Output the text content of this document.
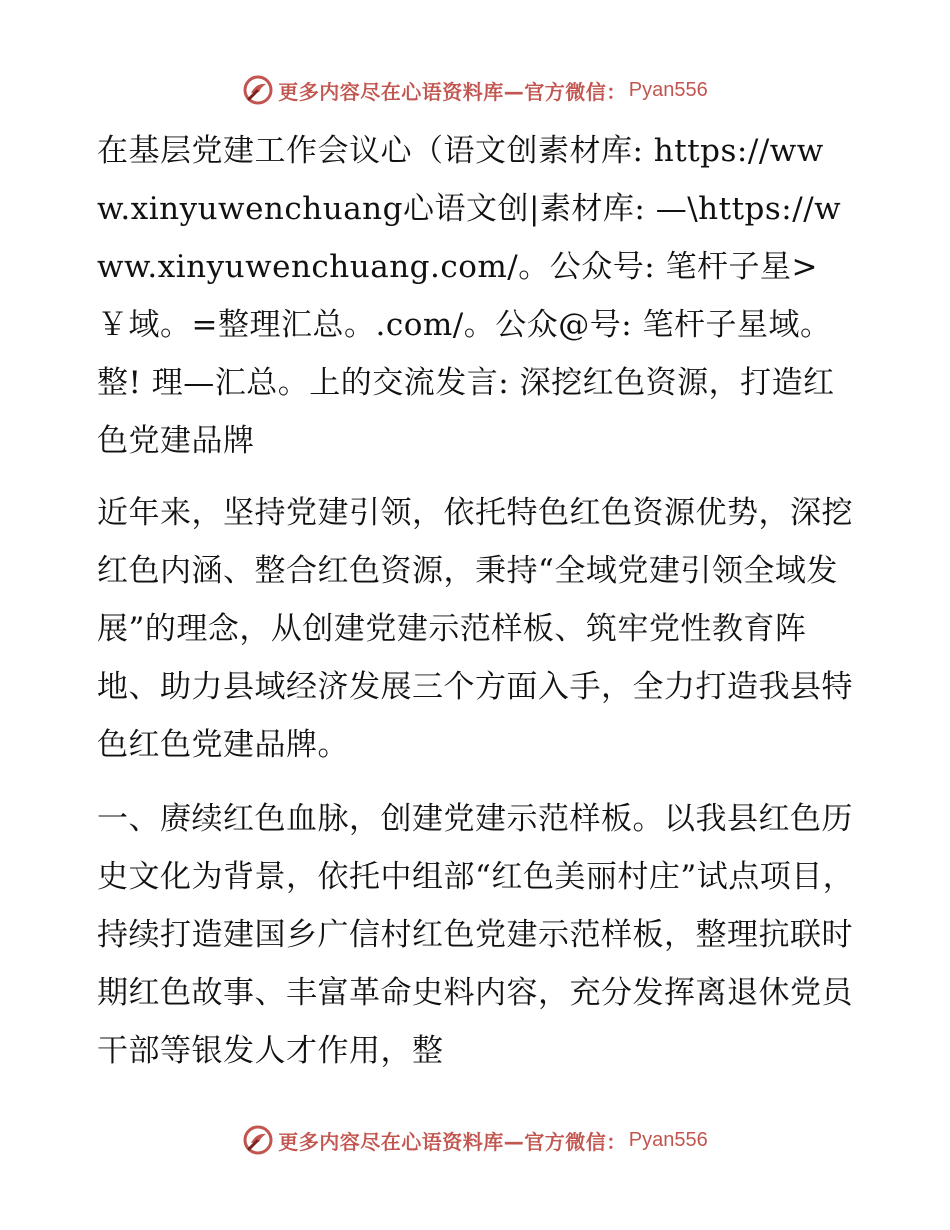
更多内容尽在心语资料库—官方微信： Pyan556

在基层党建工作会议心（语文创素材库: https://www.xinyuwenchuang心语文创|素材库: —\https://www.xinyuwenchuang.com/。公众号: 笔杆子星>￥域。=整理汇总。.com/。公众@号: 笔杆子星域。整! 理—汇总。上的交流发言: 深挖红色资源，打造红色党建品牌

近年来，坚持党建引领，依托特色红色资源优势，深挖红色内涵、整合红色资源，秉持“全域党建引领全域发展”的理念，从创建党建示范样板、筑牢党性教育阵地、助力县域经济发展三个方面入手，全力打造我县特色红色党建品牌。

一、赓续红色血脉，创建党建示范样板。以我县红色历史文化为背景，依托中组部“红色美丽村庄”试点项目，持续打造建国乡广信村红色党建示范样板，整理抗联时期红色故事、丰富革命史料内容，充分发挥离退休党员干部等银发人才作用，整

更多内容尽在心语资料库—官方微信： Pyan556
